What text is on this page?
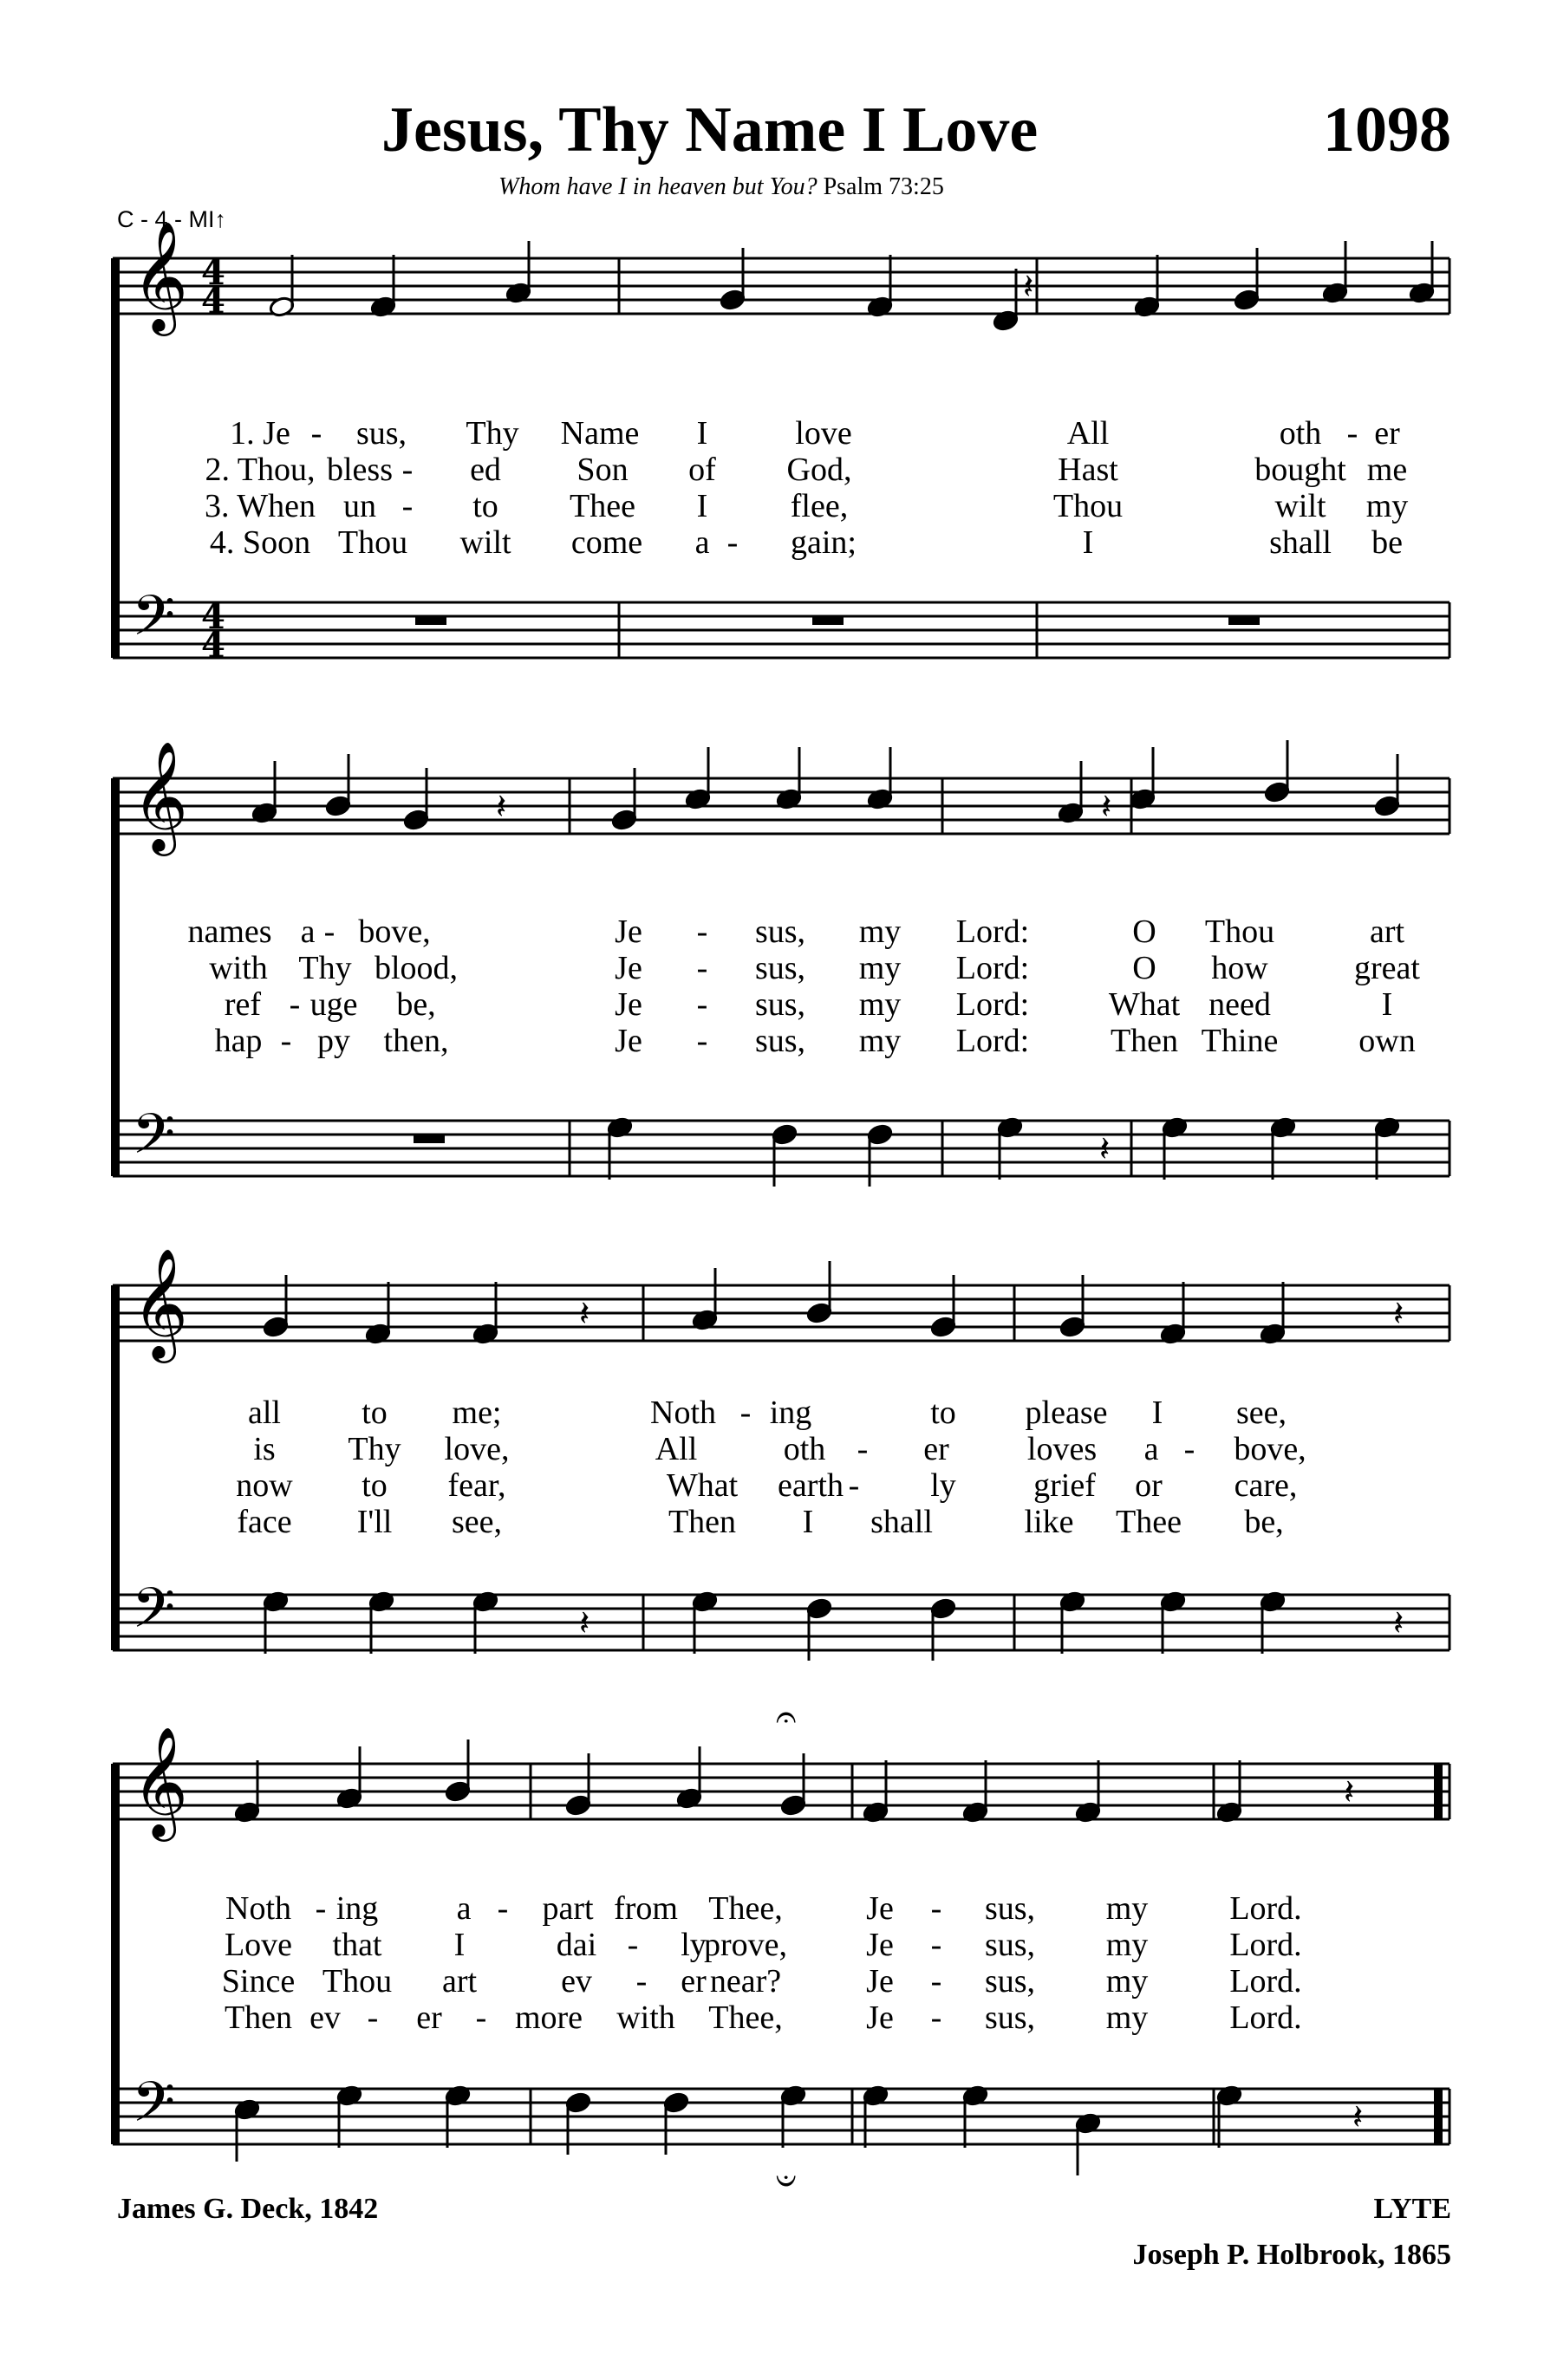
Jesus, Thy Name I Love	1098
Whom have I in heaven but You? Psalm 73:25
C - 4 - MI↑
𝄞
𝄢
4
4
4
4
𝄞
𝄢
𝄞
𝄢
𝄞
𝄢
𝄽
𝄽	𝄽
𝄽
𝄽	𝄽
𝄽	𝄽
𝄽
𝄽
𝄐
𝄑
1. Je - sus, Thy Name I	love	All	oth - er
2. Thou, bless - ed Son of God,	Hast	bought me
3. When un - to Thee I	flee,	Thou	wilt my
4. Soon Thou wilt come a - gain;	I	shall be
names a - bove,	Je - sus, my Lord:	O Thou	art
with Thy blood,	Je - sus, my Lord:	O how	great
ref - uge be,	Je - sus, my Lord: What need	I
hap - py then,	Je - sus, my Lord: Then Thine own
all to me;	Noth - ing	to please I see,
is Thy love,	All	oth - er loves a - bove,
now to fear,	What earth - ly grief or care,
face I'll see,	Then I shall	like Thee be,
Noth - ing a - part from Thee,	Je - sus, my Lord.
Love that I	dai - ly
prove, Je - sus, my Lord.
Since Thou art	ev - er near?	Je - sus, my Lord.
Then ev - er - more with Thee,	Je - sus, my Lord.
James G. Deck, 1842	LYTE
Joseph P. Holbrook, 1865
